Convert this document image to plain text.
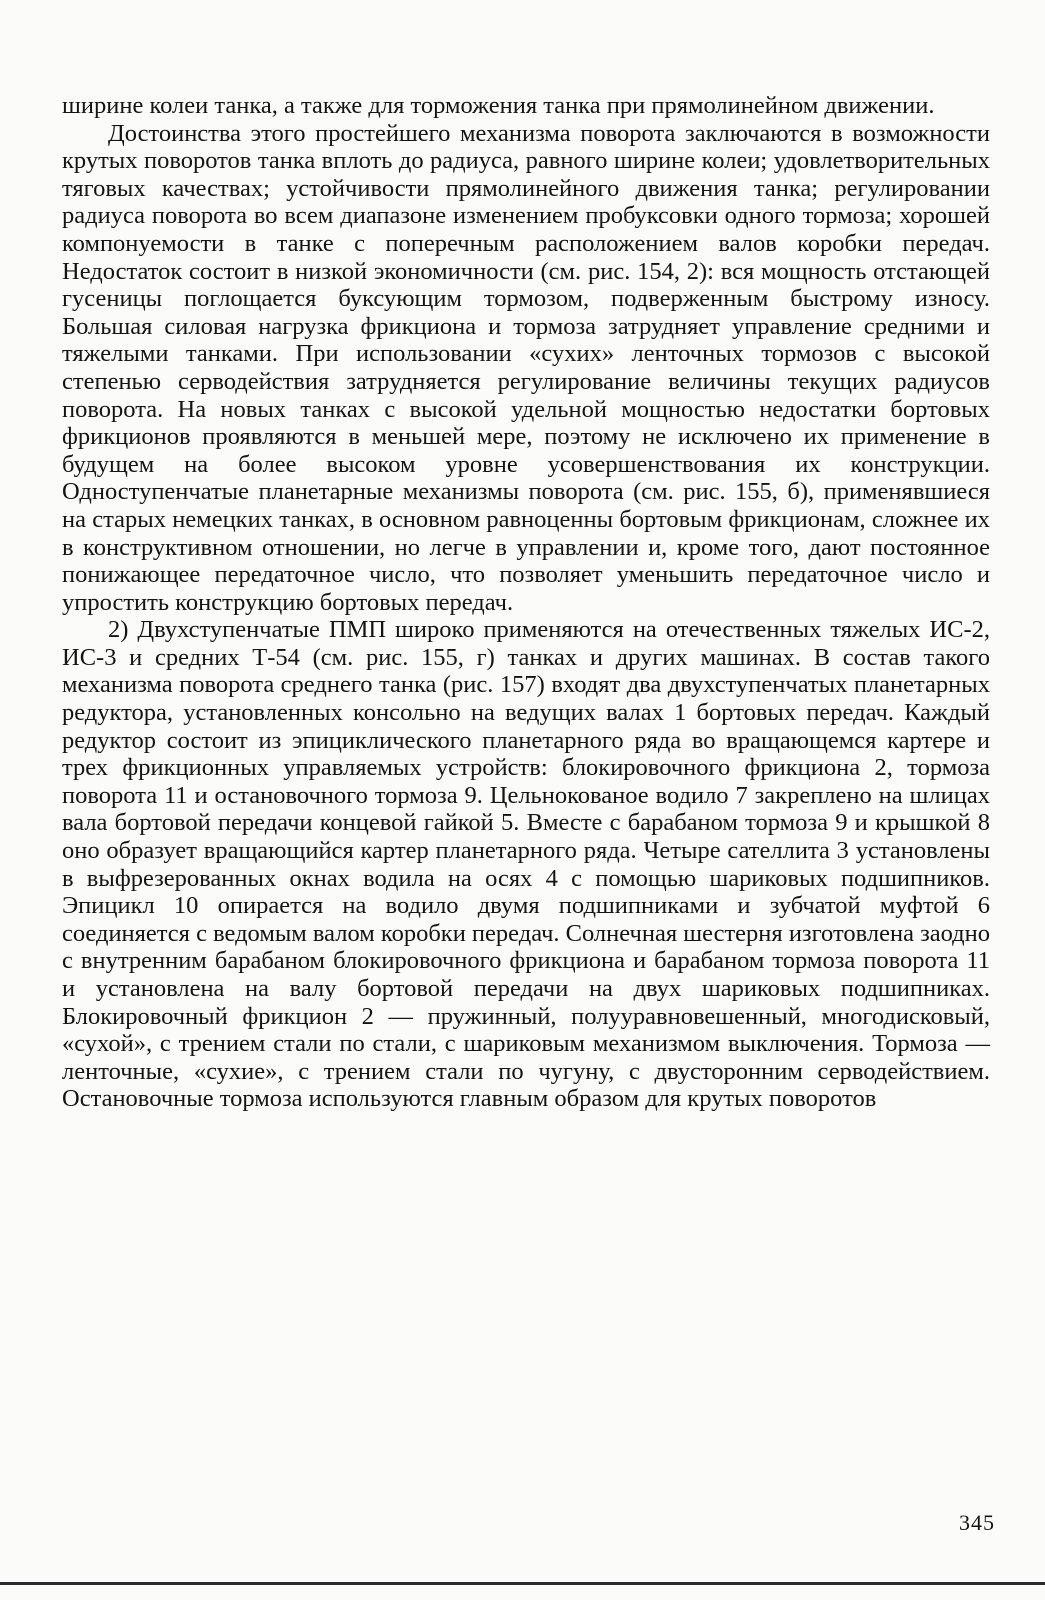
ширине колеи танка, а также для торможения танка при прямолинейном движении.

Достоинства этого простейшего механизма поворота заключаются в возможности крутых поворотов танка вплоть до радиуса, равного ширине колеи; удовлетворительных тяговых качествах; устойчивости прямолинейного движения танка; регулировании радиуса поворота во всем диапазоне изменением пробуксовки одного тормоза; хорошей компонуемости в танке с поперечным расположением валов коробки передач. Недостаток состоит в низкой экономичности (см. рис. 154, 2): вся мощность отстающей гусеницы поглощается буксующим тормозом, подверженным быстрому износу. Большая силовая нагрузка фрикциона и тормоза затрудняет управление средними и тяжелыми танками. При использовании «сухих» ленточных тормозов с высокой степенью серводействия затрудняется регулирование величины текущих радиусов поворота. На новых танках с высокой удельной мощностью недостатки бортовых фрикционов проявляются в меньшей мере, поэтому не исключено их применение в будущем на более высоком уровне усовершенствования их конструкции. Одноступенчатые планетарные механизмы поворота (см. рис. 155, б), применявшиеся на старых немецких танках, в основном равноценны бортовым фрикционам, сложнее их в конструктивном отношении, но легче в управлении и, кроме того, дают постоянное понижающее передаточное число, что позволяет уменьшить передаточное число и упростить конструкцию бортовых передач.

2) Двухступенчатые ПМП широко применяются на отечественных тяжелых ИС-2, ИС-3 и средних Т-54 (см. рис. 155, г) танках и других машинах. В состав такого механизма поворота среднего танка (рис. 157) входят два двухступенчатых планетарных редуктора, установленных консольно на ведущих валах 1 бортовых передач. Каждый редуктор состоит из эпициклического планетарного ряда во вращающемся картере и трех фрикционных управляемых устройств: блокировочного фрикциона 2, тормоза поворота 11 и остановочного тормоза 9. Цельнокованое водило 7 закреплено на шлицах вала бортовой передачи концевой гайкой 5. Вместе с барабаном тормоза 9 и крышкой 8 оно образует вращающийся картер планетарного ряда. Четыре сателлита 3 установлены в выфрезерованных окнах водила на осях 4 с помощью шариковых подшипников. Эпицикл 10 опирается на водило двумя подшипниками и зубчатой муфтой 6 соединяется с ведомым валом коробки передач. Солнечная шестерня изготовлена заодно с внутренним барабаном блокировочного фрикциона и барабаном тормоза поворота 11 и установлена на валу бортовой передачи на двух шариковых подшипниках. Блокировочный фрикцион 2 — пружинный, полууравновешенный, многодисковый, «сухой», с трением стали по стали, с шариковым механизмом выключения. Тормоза — ленточные, «сухие», с трением стали по чугуну, с двусторонним серводействием. Остановочные тормоза используются главным образом для крутых поворотов

345
